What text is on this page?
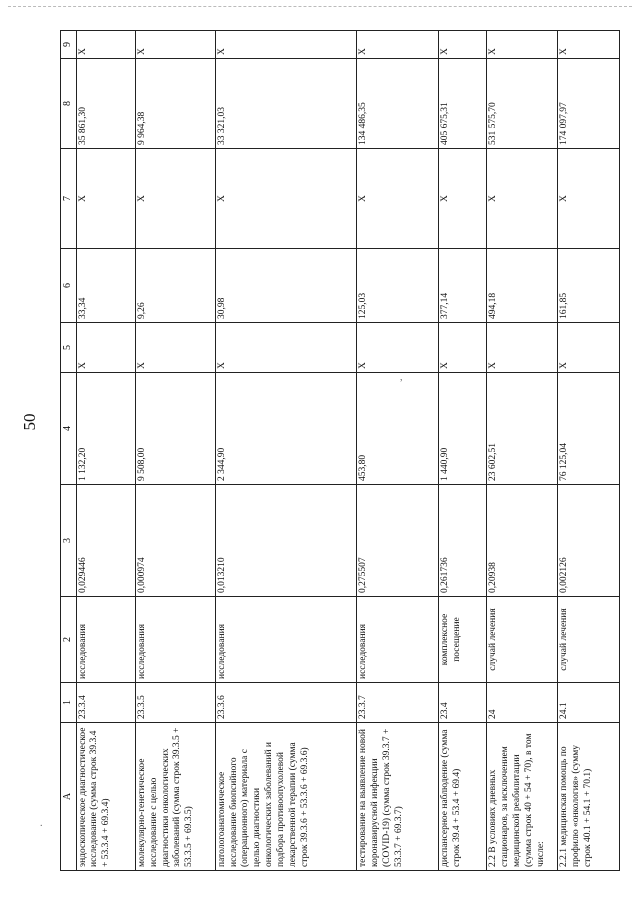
,
.
50
A	1	2	3	4	5	6	7	8	9
эндоскопическое диагностическое исследование (сумма строк 39.3.4 + 53.3.4 + 69.3.4)	23.3.4	исследования	0,029446	1 132,20	Х	33,34	Х	35 861,30	Х
молекулярно-генетическое исследование с целью диагностики онкологических заболеваний (сумма строк 39.3.5 + 53.3.5 + 69.3.5)	23.3.5	исследования	0,000974	9 508,00	Х	9,26	Х	9 964,38	Х
патологоанатомическое исследование биопсийного (операционного) материала с целью диагностики онкологических заболеваний и подбора противоопухолевой лекарственной терапии (сумма строк 39.3.6 + 53.3.6 + 69.3.6)	23.3.6	исследования	0,013210	2 344,90	Х	30,98	Х	33 321,03	Х
тестирование на выявление новой коронавирусной инфекции (COVID-19) (сумма строк 39.3.7 + 53.3.7 + 69.3.7)	23.3.7	исследования	0,275507	453,80	Х	125,03	Х	134 486,35	Х
диспансерное наблюдение (сумма строк 39.4 + 53.4 + 69.4)	23.4	комплексное посещение	0,261736	1 440,90	Х	377,14	Х	405 675,31	Х
2.2 В условиях дневных стационаров, за исключением медицинской реабилитации (сумма строк 40 + 54 + 70), в том числе:	24	случай лечения	0,20938	23 602,51	Х	494,18	Х	531 575,70	Х
2.2.1 медицинская помощь по профилю «онкология» (сумму строк 40.1 + 54.1 + 70.1)	24.1	случай лечения	0,002126	76 125,04	Х	161,85	Х	174 097,97	Х
